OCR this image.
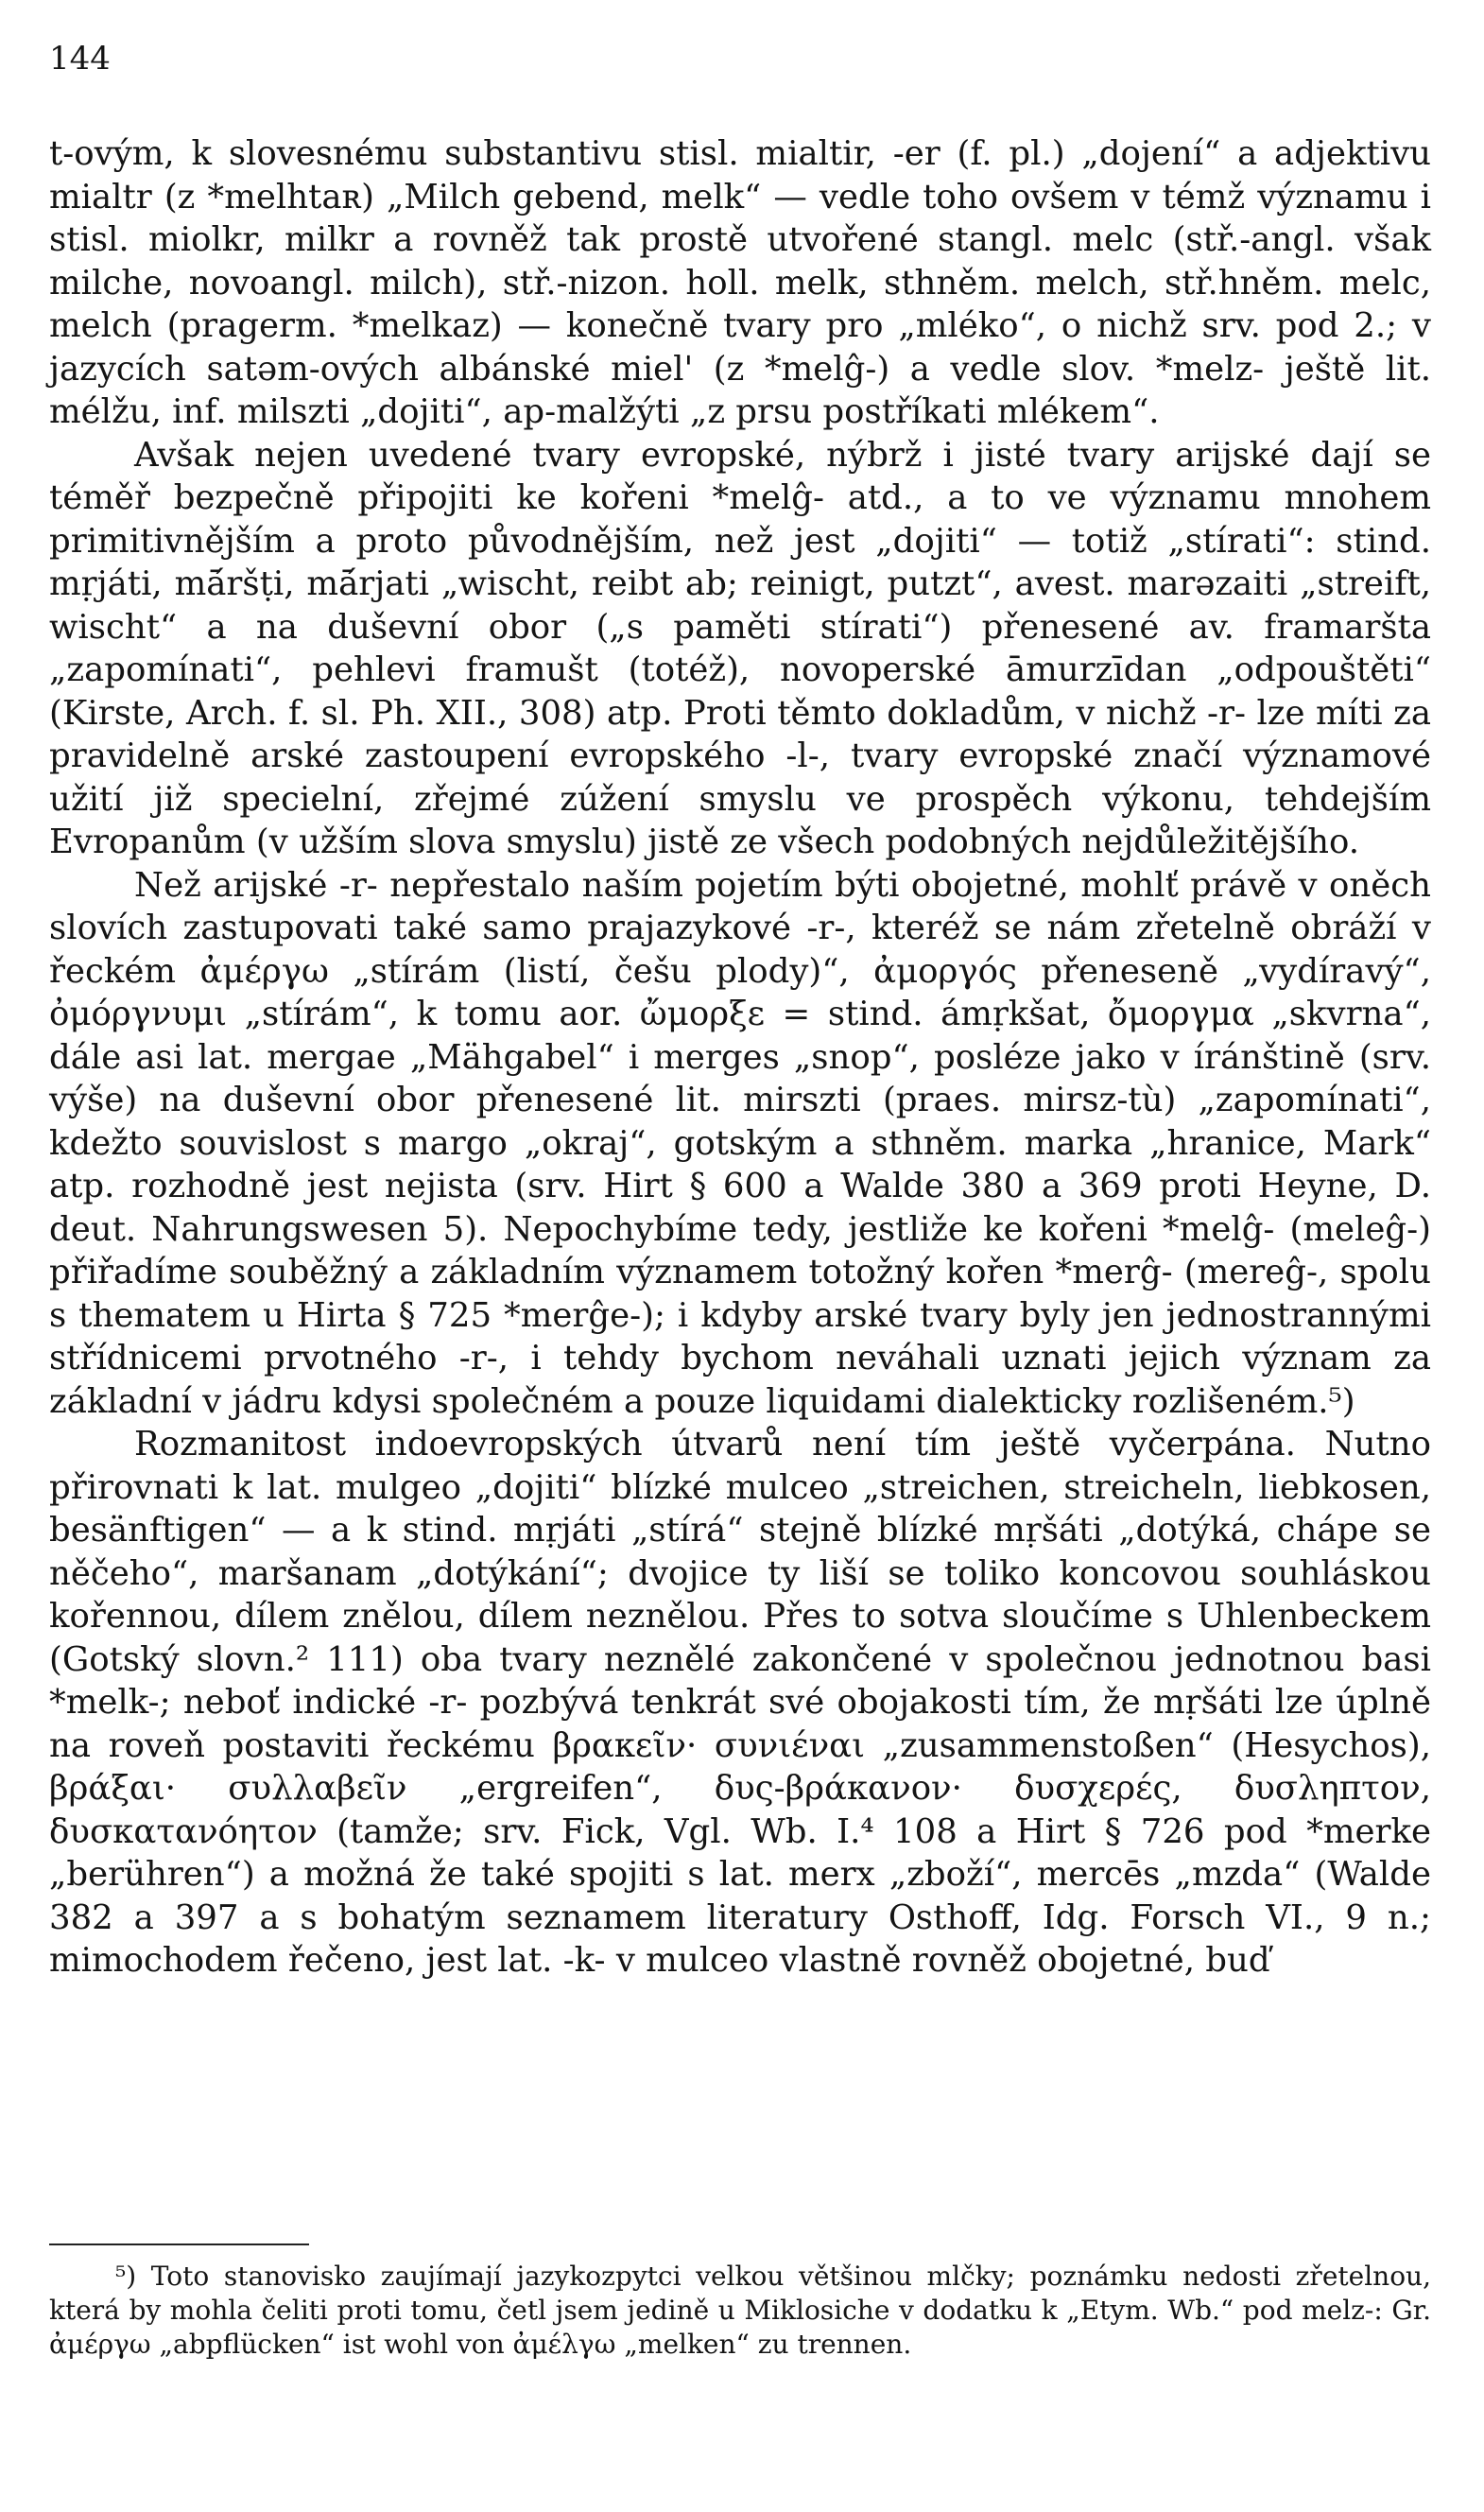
144

t-ovým, k slovesnému substantivu stisl. mialtir, -er (f. pl.) „dojení“ a adjektivu mialtr (z *melhtaʀ) „Milch gebend, melk“ — vedle toho ovšem v témž významu i stisl. miolkr, milkr a rovněž tak prostě utvořené stangl. melc (stř.-angl. však milche, novoangl. milch), stř.-nizon. holl. melk, sthněm. melch, stř.hněm. melc, melch (pragerm. *melkaz) — konečně tvary pro „mléko“, o nichž srv. pod 2.; v jazycích satəm-ových albánské miel' (z *melĝ-) a vedle slov. *melz- ještě lit. mélžu, inf. milszti „dojiti“, ap-malžýti „z prsu postříkati mlékem“.

Avšak nejen uvedené tvary evropské, nýbrž i jisté tvary arijské dají se téměř bezpečně připojiti ke kořeni *melĝ- atd., a to ve významu mnohem primitivnějším a proto původnějším, než jest „dojiti“ — totiž „stírati“: stind. mṛjáti, mā́ršṭi, mā́rjati „wischt, reibt ab; reinigt, putzt“, avest. marəzaiti „streift, wischt“ a na duševní obor („s paměti stírati“) přenesené av. framaršta „zapomínati“, pehlevi framušt (totéž), novoperské āmurzīdan „odpouštěti“ (Kirste, Arch. f. sl. Ph. XII., 308) atp. Proti těmto dokladům, v nichž -r- lze míti za pravidelně arské zastoupení evropského -l-, tvary evropské značí významové užití již specielní, zřejmé zúžení smyslu ve prospěch výkonu, tehdejším Evropanům (v užším slova smyslu) jistě ze všech podobných nejdůležitějšího.

Než arijské -r- nepřestalo naším pojetím býti obojetné, mohlť právě v oněch slovích zastupovati také samo prajazykové -r-, kteréž se nám zřetelně obráží v řeckém ἀμέργω „stírám (listí, češu plody)“, ἀμοργός přeneseně „vydíravý“, ὀμόργνυμι „stírám“, k tomu aor. ὤμορξε = stind. ámṛkšat, ὄμοργμα „skvrna“, dále asi lat. mergae „Mähgabel“ i merges „snop“, posléze jako v íránštině (srv. výše) na duševní obor přenesené lit. mirszti (praes. mirsz-tù) „zapomínati“, kdežto souvislost s margo „okraj“, gotským a sthněm. marka „hranice, Mark“ atp. rozhodně jest nejista (srv. Hirt § 600 a Walde 380 a 369 proti Heyne, D. deut. Nahrungswesen 5). Nepochybíme tedy, jestliže ke kořeni *melĝ- (meleĝ-) přiřadíme souběžný a základním významem totožný kořen *merĝ- (mereĝ-, spolu s thematem u Hirta § 725 *merĝe-); i kdyby arské tvary byly jen jednostrannými střídnicemi prvotného -r-, i tehdy bychom neváhali uznati jejich význam za základní v jádru kdysi společném a pouze liquidami dialekticky rozlišeném.⁵)

Rozmanitost indoevropských útvarů není tím ještě vyčerpána. Nutno přirovnati k lat. mulgeo „dojiti“ blízké mulceo „streichen, streicheln, liebkosen, besänftigen“ — a k stind. mṛjáti „stírá“ stejně blízké mṛšáti „dotýká, chápe se něčeho“, maršanam „dotýkání“; dvojice ty liší se toliko koncovou souhláskou kořennou, dílem znělou, dílem neznělou. Přes to sotva sloučíme s Uhlenbeckem (Gotský slovn.² 111) oba tvary neznělé zakončené v společnou jednotnou basi *melk-; neboť indické -r- pozbývá tenkrát své obojakosti tím, že mṛšáti lze úplně na roveň postaviti řeckému βρακεῖν· συνιέναι „zusammenstoßen“ (Hesychos), βράξαι· συλλαβεῖν „ergreifen“, δυς-βράκανον· δυσχερές, δυσληπτον, δυσκατανόητον (tamže; srv. Fick, Vgl. Wb. I.⁴ 108 a Hirt § 726 pod *merke „berühren“) a možná že také spojiti s lat. merx „zboží“, mercēs „mzda“ (Walde 382 a 397 a s bohatým seznamem literatury Osthoff, Idg. Forsch VI., 9 n.; mimochodem řečeno, jest lat. -k- v mulceo vlastně rovněž obojetné, buď

⁵) Toto stanovisko zaujímají jazykozpytci velkou většinou mlčky; poznámku nedosti zřetelnou, která by mohla čeliti proti tomu, četl jsem jedině u Miklosiche v dodatku k „Etym. Wb.“ pod melz-: Gr. ἀμέργω „abpflücken“ ist wohl von ἀμέλγω „melken“ zu trennen.
